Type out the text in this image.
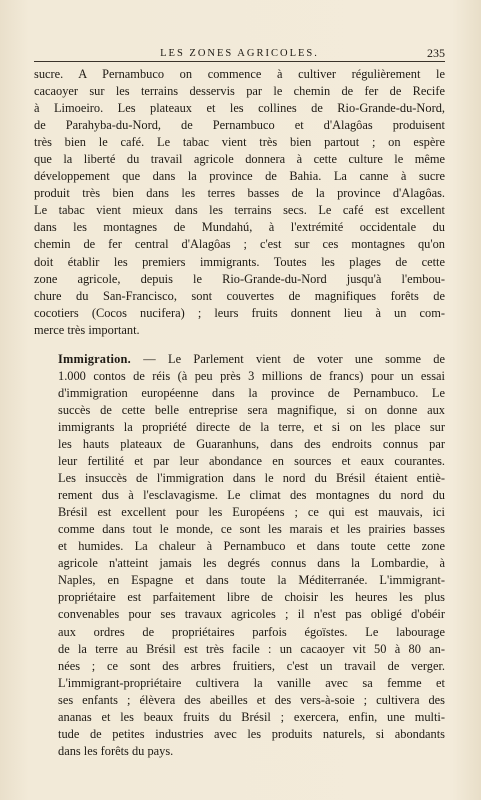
LES ZONES AGRICOLES.	235

sucre. A Pernambuco on commence à cultiver régulièrement le
cacaoyer sur les terrains desservis par le chemin de fer de Recife
à Limoeiro. Les plateaux et les collines de Rio-Grande-du-Nord,
de Parahyba-du-Nord, de Pernambuco et d'Alagôas produisent
très bien le café. Le tabac vient très bien partout ; on espère
que la liberté du travail agricole donnera à cette culture le même
développement que dans la province de Bahia. La canne à sucre
produit très bien dans les terres basses de la province d'Alagôas.
Le tabac vient mieux dans les terrains secs. Le café est excellent
dans les montagnes de Mundahú, à l'extrémité occidentale du
chemin de fer central d'Alagôas ; c'est sur ces montagnes qu'on
doit établir les premiers immigrants. Toutes les plages de cette
zone agricole, depuis le Rio-Grande-du-Nord jusqu'à l'embou-
chure du San-Francisco, sont couvertes de magnifiques forêts de
cocotiers (Cocos nucifera) ; leurs fruits donnent lieu à un com-
merce très important.

Immigration. — Le Parlement vient de voter une somme de
1.000 contos de réis (à peu près 3 millions de francs) pour un essai
d'immigration européenne dans la province de Pernambuco. Le
succès de cette belle entreprise sera magnifique, si on donne aux
immigrants la propriété directe de la terre, et si on les place sur
les hauts plateaux de Guaranhuns, dans des endroits connus par
leur fertilité et par leur abondance en sources et eaux courantes.
Les insuccès de l'immigration dans le nord du Brésil étaient entiè-
rement dus à l'esclavagisme. Le climat des montagnes du nord du
Brésil est excellent pour les Européens ; ce qui est mauvais, ici
comme dans tout le monde, ce sont les marais et les prairies basses
et humides. La chaleur à Pernambuco et dans toute cette zone
agricole n'atteint jamais les degrés connus dans la Lombardie, à
Naples, en Espagne et dans toute la Méditerranée. L'immigrant-
propriétaire est parfaitement libre de choisir les heures les plus
convenables pour ses travaux agricoles ; il n'est pas obligé d'obéir
aux ordres de propriétaires parfois égoïstes. Le labourage
de la terre au Brésil est très facile : un cacaoyer vit 50 à 80 an-
nées ; ce sont des arbres fruitiers, c'est un travail de verger.
L'immigrant-propriétaire cultivera la vanille avec sa femme et
ses enfants ; élèvera des abeilles et des vers-à-soie ; cultivera des
ananas et les beaux fruits du Brésil ; exercera, enfin, une multi-
tude de petites industries avec les produits naturels, si abondants
dans les forêts du pays.
